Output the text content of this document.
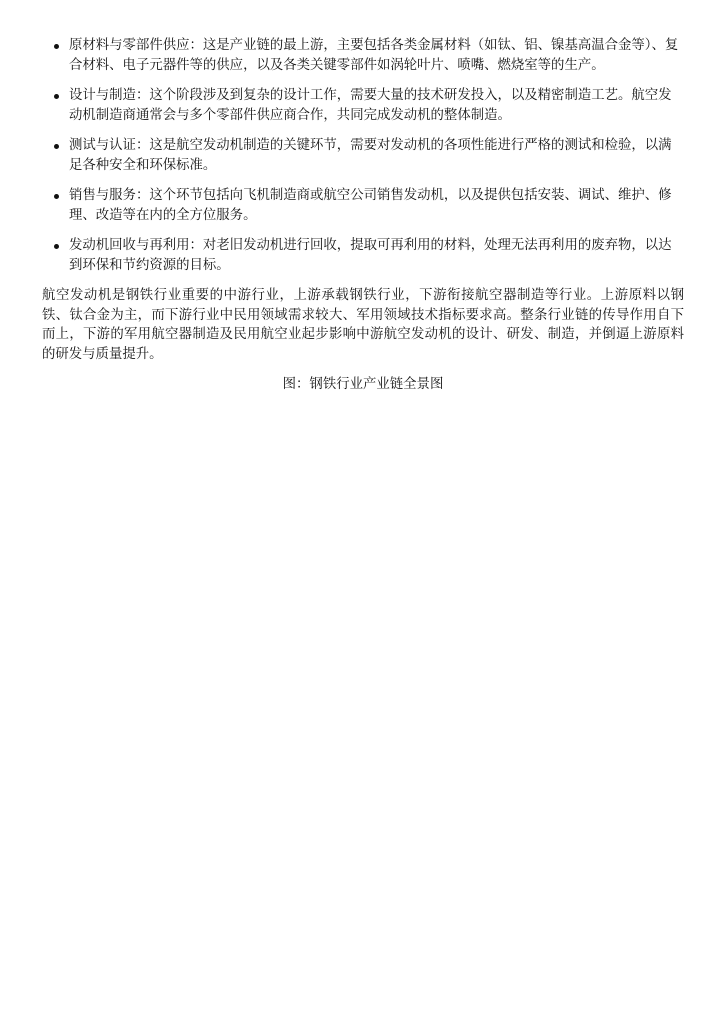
原材料与零部件供应：这是产业链的最上游，主要包括各类金属材料（如钛、铝、镍基高温合金等）、复合材料、电子元器件等的供应，以及各类关键零部件如涡轮叶片、喷嘴、燃烧室等的生产。
设计与制造：这个阶段涉及到复杂的设计工作，需要大量的技术研发投入，以及精密制造工艺。航空发动机制造商通常会与多个零部件供应商合作，共同完成发动机的整体制造。
测试与认证：这是航空发动机制造的关键环节，需要对发动机的各项性能进行严格的测试和检验，以满足各种安全和环保标准。
销售与服务：这个环节包括向飞机制造商或航空公司销售发动机，以及提供包括安装、调试、维护、修理、改造等在内的全方位服务。
发动机回收与再利用：对老旧发动机进行回收，提取可再利用的材料，处理无法再利用的废弃物，以达到环保和节约资源的目标。

航空发动机是钢铁行业重要的中游行业，上游承载钢铁行业，下游衔接航空器制造等行业。上游原料以钢铁、钛合金为主，而下游行业中民用领域需求较大、军用领域技术指标要求高。整条行业链的传导作用自下而上，下游的军用航空器制造及民用航空业起步影响中游航空发动机的设计、研发、制造，并倒逼上游原料的研发与质量提升。

图：钢铁行业产业链全景图
